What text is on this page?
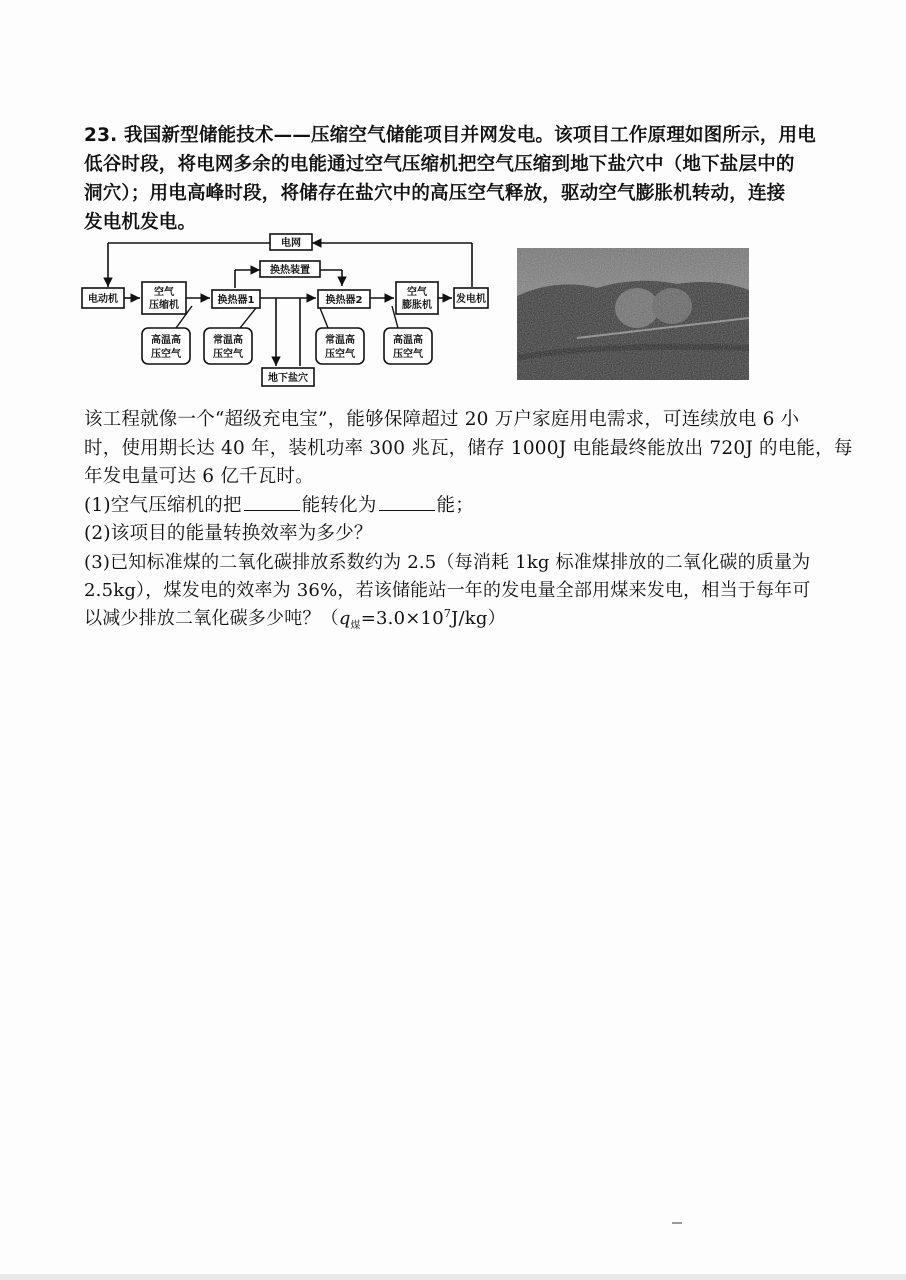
23. 我国新型储能技术——压缩空气储能项目并网发电。该项目工作原理如图所示，用电
低谷时段，将电网多余的电能通过空气压缩机把空气压缩到地下盐穴中（地下盐层中的
洞穴）；用电高峰时段，将储存在盐穴中的高压空气释放，驱动空气膨胀机转动，连接
发电机发电。
电网
换热装置
电动机
空气
压缩机	换热器1	换热器2
空气
膨胀机
发电机
地下盐穴
高温高
压空气
常温高
压空气
常温高
压空气
高温高
压空气
该工程就像一个“超级充电宝”，能够保障超过 20 万户家庭用电需求，可连续放电 6 小
时，使用期长达 40 年，装机功率 300 兆瓦，储存 1000J 电能最终能放出 720J 的电能，每
年发电量可达 6 亿千瓦时。
(1)空气压缩机的把	能转化为	能；
(2)该项目的能量转换效率为多少？
(3)已知标准煤的二氧化碳排放系数约为 2.5（每消耗 1kg 标准煤排放的二氧化碳的质量为
2.5kg），煤发电的效率为 36%，若该储能站一年的发电量全部用煤来发电，相当于每年可
以减少排放二氧化碳多少吨？$(q_煤=3.0\times 10^7J/kg)$
